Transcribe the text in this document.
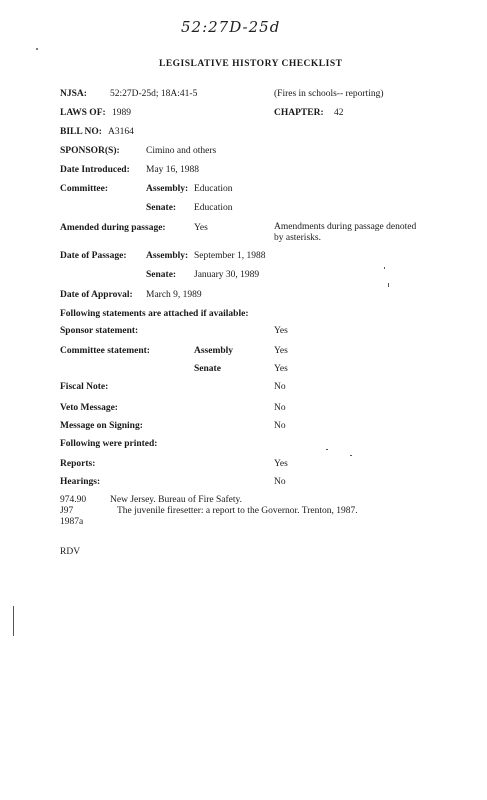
52:27D-25d
LEGISLATIVE HISTORY CHECKLIST
NJSA: 52:27D-25d; 18A:41-5	(Fires in schools-- reporting)
LAWS OF: 1989	CHAPTER: 42
BILL NO: A3164
SPONSOR(S):	Cimino and others
Date Introduced: May 16, 1988
Committee:	Assembly: Education
Senate: Education
Amended during passage:	Yes	Amendments during passage denoted by asterisks.
Date of Passage: Assembly: September 1, 1988
Senate: January 30, 1989
Date of Approval: March 9, 1989
Following statements are attached if available:
Sponsor statement:	Yes
Committee statement:	Assembly	Yes
Senate	Yes
Fiscal Note:	No
Veto Message:	No
Message on Signing:	No
Following were printed:
Reports:	Yes
Hearings:	No
974.90
J97
1987a
New Jersey. Bureau of Fire Safety.
The juvenile firesetter: a report to the Governor. Trenton, 1987.
RDV
